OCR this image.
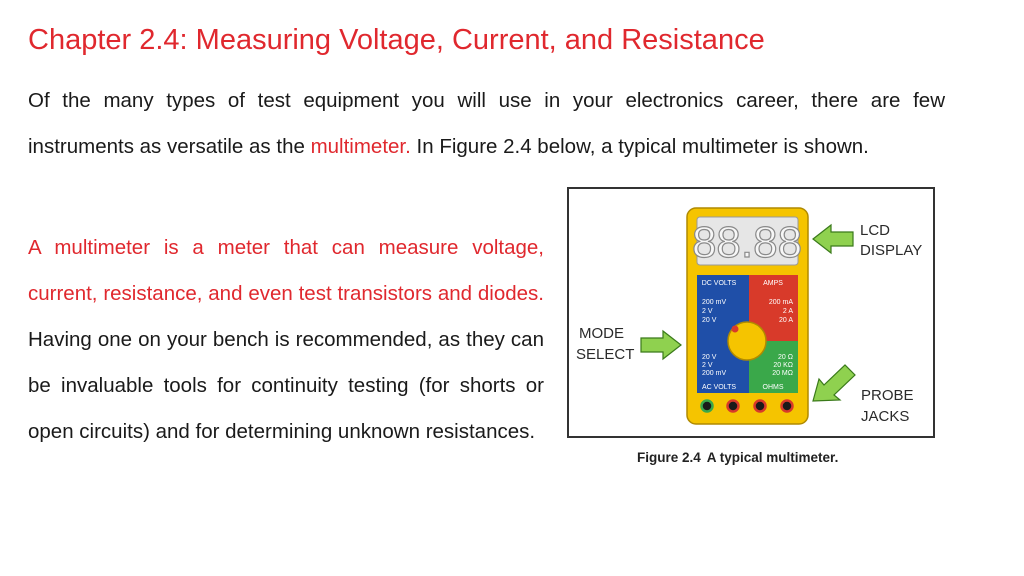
Chapter 2.4: Measuring Voltage, Current, and Resistance

Of the many types of test equipment you will use in your electronics career, there are few instruments as versatile as the multimeter. In Figure 2.4 below, a typical multimeter is shown.

A multimeter is a meter that can measure voltage, current, resistance, and even test transistors and diodes. Having one on your bench is recommended, as they can be invaluable tools for continuity testing (for shorts or open circuits) and for determining unknown resistances.

88.88
DC VOLTS	AMPS
200 mV
2 V
20 V
200 mA
2 A
20 A
20 V
2 V
200 mV
20 Ω
20 KΩ
20 MΩ
AC VOLTS	OHMS
LCD
DISPLAY
MODE
SELECT
PROBE
JACKS
Figure 2.4 A typical multimeter.
